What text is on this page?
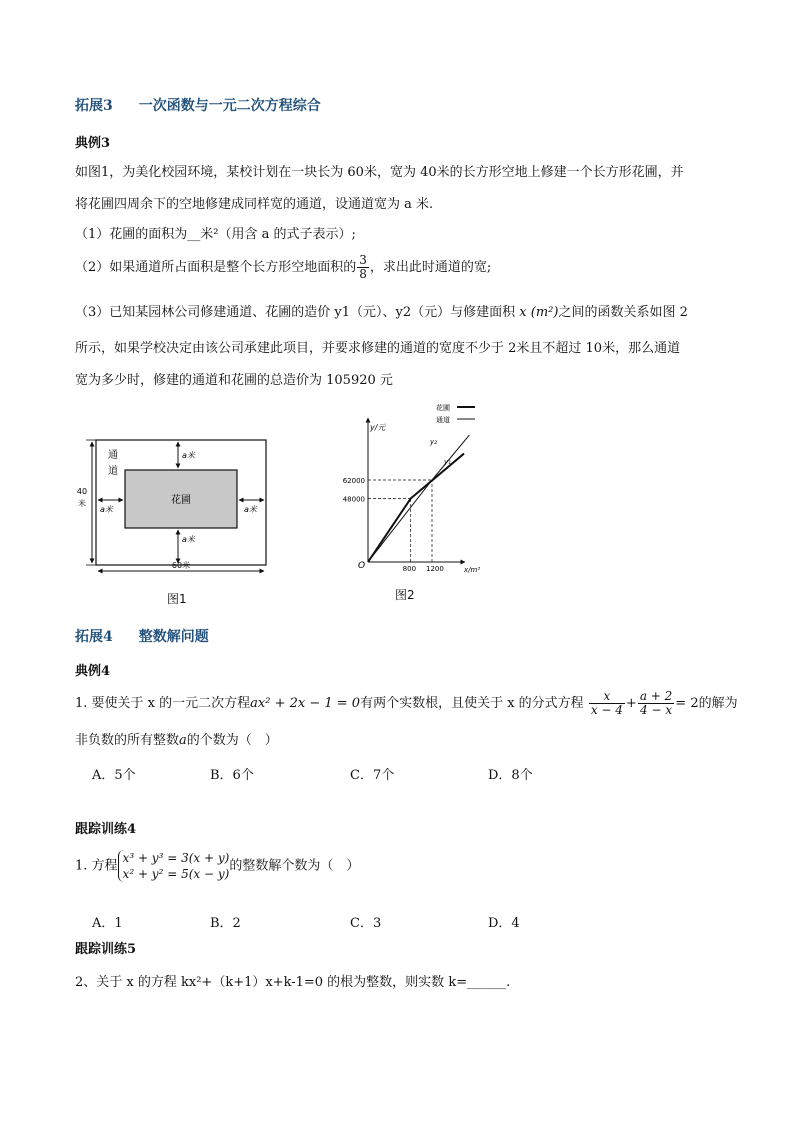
拓展3 一次函数与一元二次方程综合
典例3
如图1，为美化校园环境，某校计划在一块长为 60米，宽为 40米的长方形空地上修建一个长方形花圃，并
将花圃四周余下的空地修建成同样宽的通道，设通道宽为 a 米.
（1）花圃的面积为__米²（用含 a 的式子表示）;
（2）如果通道所占面积是整个长方形空地面积的 $\frac{3}{8}$ ，求出此时通道的宽;
（3）已知某园林公司修建通道、花圃的造价 y1（元）、y2（元）与修建面积 x (m²)之间的函数关系如图 2
所示，如果学校决定由该公司承建此项目，并要求修建的通道的宽度不少于 2米且不超过 10米，那么通道
宽为多少时，修建的通道和花圃的总造价为 105920 元
通
道
花圃
a米
a米
a米	a米
40
米
60米
图1
48000
62000
800 1200
花圃
通道
y/元
x/m²
O
y₂
y₁
图2
拓展4 整数解问题
典例4
1. 要使关于 x 的一元二次方程ax² + 2x − 1 = 0有两个实数根，且使关于 x 的分式方程 $\frac{x}{x - 4} + \frac{a + 2}{4 - x} = 2$的解为
非负数的所有整数a的个数为（　）
A．5个	B．6个	C．7个	D．8个
跟踪训练4
1. 方程
x³ + y³ = 3(x + y)
x² + y² = 5(x − y)
的整数解个数为（　）
A．1	B．2	C．3	D．4
跟踪训练5
2、关于 x 的方程 kx²+（k+1）x+k-1=0 的根为整数，则实数 k=______.
